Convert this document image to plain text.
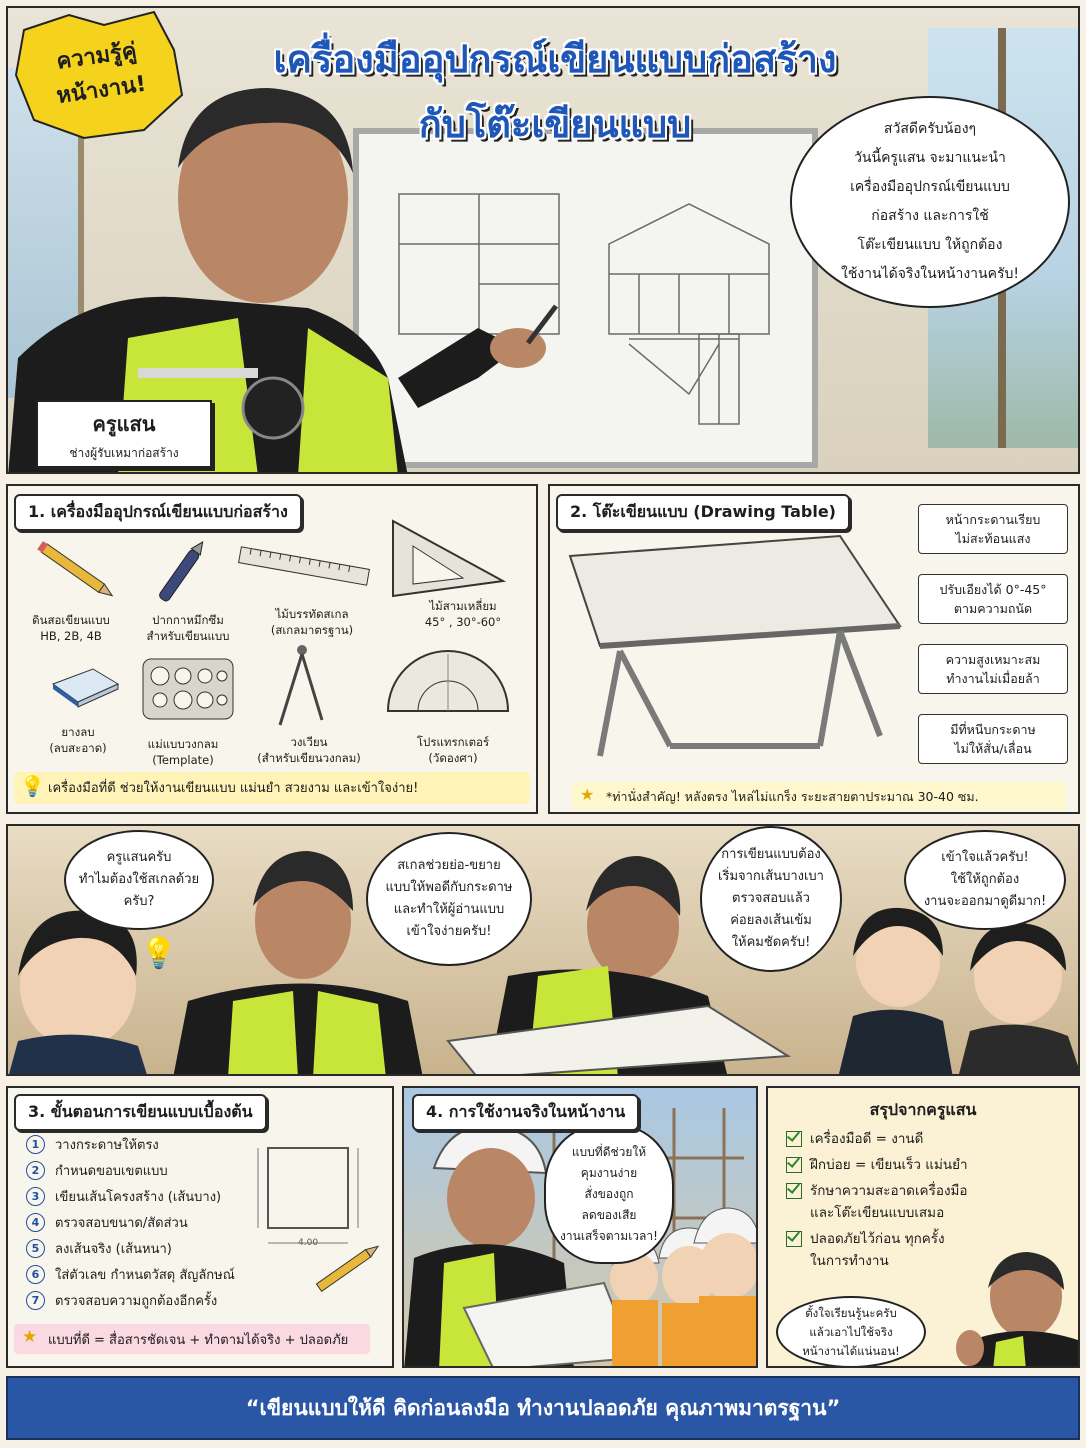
ครูแสน
ช่างผู้รับเหมาก่อสร้าง
ความรู้คู่
หน้างาน!
เครื่องมืออุปกรณ์เขียนแบบก่อสร้าง
กับโต๊ะเขียนแบบ	สวัสดีครับน้องๆ
วันนี้ครูแสน จะมาแนะนำ
เครื่องมืออุปกรณ์เขียนแบบ
ก่อสร้าง และการใช้
โต๊ะเขียนแบบ ให้ถูกต้อง
ใช้งานได้จริงในหน้างานครับ!
ดินสอเขียนแบบ
HB, 2B, 4B
ปากกาหมึกซึม
สำหรับเขียนแบบ
ไม้บรรทัดสเกล
(สเกลมาตรฐาน)
ไม้สามเหลี่ยม
45° , 30°-60°
ยางลบ
(ลบสะอาด)	แม่แบบวงกลม
(Template)
วงเวียน
(สำหรับเขียนวงกลม)
โปรแทรกเตอร์
(วัดองศา)
💡 เครื่องมือที่ดี ช่วยให้งานเขียนแบบ แม่นยำ สวยงาม และเข้าใจง่าย!
1. เครื่องมืออุปกรณ์เขียนแบบก่อสร้าง	หน้ากระดานเรียบ
ไม่สะท้อนแสง
ปรับเอียงได้ 0°-45°
ตามความถนัด
ความสูงเหมาะสม
ทำงานไม่เมื่อยล้า
มีที่หนีบกระดาษ
ไม่ให้สั่น/เลื่อน
★ *ท่านั่งสำคัญ! หลังตรง ไหล่ไม่แกร็ง ระยะสายตาประมาณ 30-40 ซม.
2. โต๊ะเขียนแบบ (Drawing Table)
💡
ครูแสนครับ
ทำไมต้องใช้สเกลด้วย
ครับ?
สเกลช่วยย่อ-ขยาย
แบบให้พอดีกับกระดาษ
และทำให้ผู้อ่านแบบ
เข้าใจง่ายครับ!
การเขียนแบบต้อง
เริ่มจากเส้นบางเบา
ตรวจสอบแล้ว
ค่อยลงเส้นเข้ม
ให้คมชัดครับ!
เข้าใจแล้วครับ!
ใช้ให้ถูกต้อง
งานจะออกมาดูดีมาก!
4.00
1	วางกระดาษให้ตรง
2	กำหนดขอบเขตแบบ
3	เขียนเส้นโครงสร้าง (เส้นบาง)
4	ตรวจสอบขนาด/สัดส่วน
5	ลงเส้นจริง (เส้นหนา)
6	ใส่ตัวเลข กำหนดวัสดุ สัญลักษณ์
7	ตรวจสอบความถูกต้องอีกครั้ง
★ แบบที่ดี = สื่อสารชัดเจน + ทำตามได้จริง + ปลอดภัย
3. ขั้นตอนการเขียนแบบเบื้องต้น
แบบที่ดีช่วยให้
คุมงานง่าย
สั่งของถูก
ลดของเสีย
งานเสร็จตามเวลา!
4. การใช้งานจริงในหน้างาน	สรุปจากครูแสน
เครื่องมือดี = งานดี
ฝึกบ่อย = เขียนเร็ว แม่นยำ
รักษาความสะอาดเครื่องมือ
และโต๊ะเขียนแบบเสมอ
ปลอดภัยไว้ก่อน ทุกครั้ง
ในการทำงาน
ตั้งใจเรียนรู้นะครับ
แล้วเอาไปใช้จริง
หน้างานได้แน่นอน!
“เขียนแบบให้ดี คิดก่อนลงมือ ทำงานปลอดภัย คุณภาพมาตรฐาน”
